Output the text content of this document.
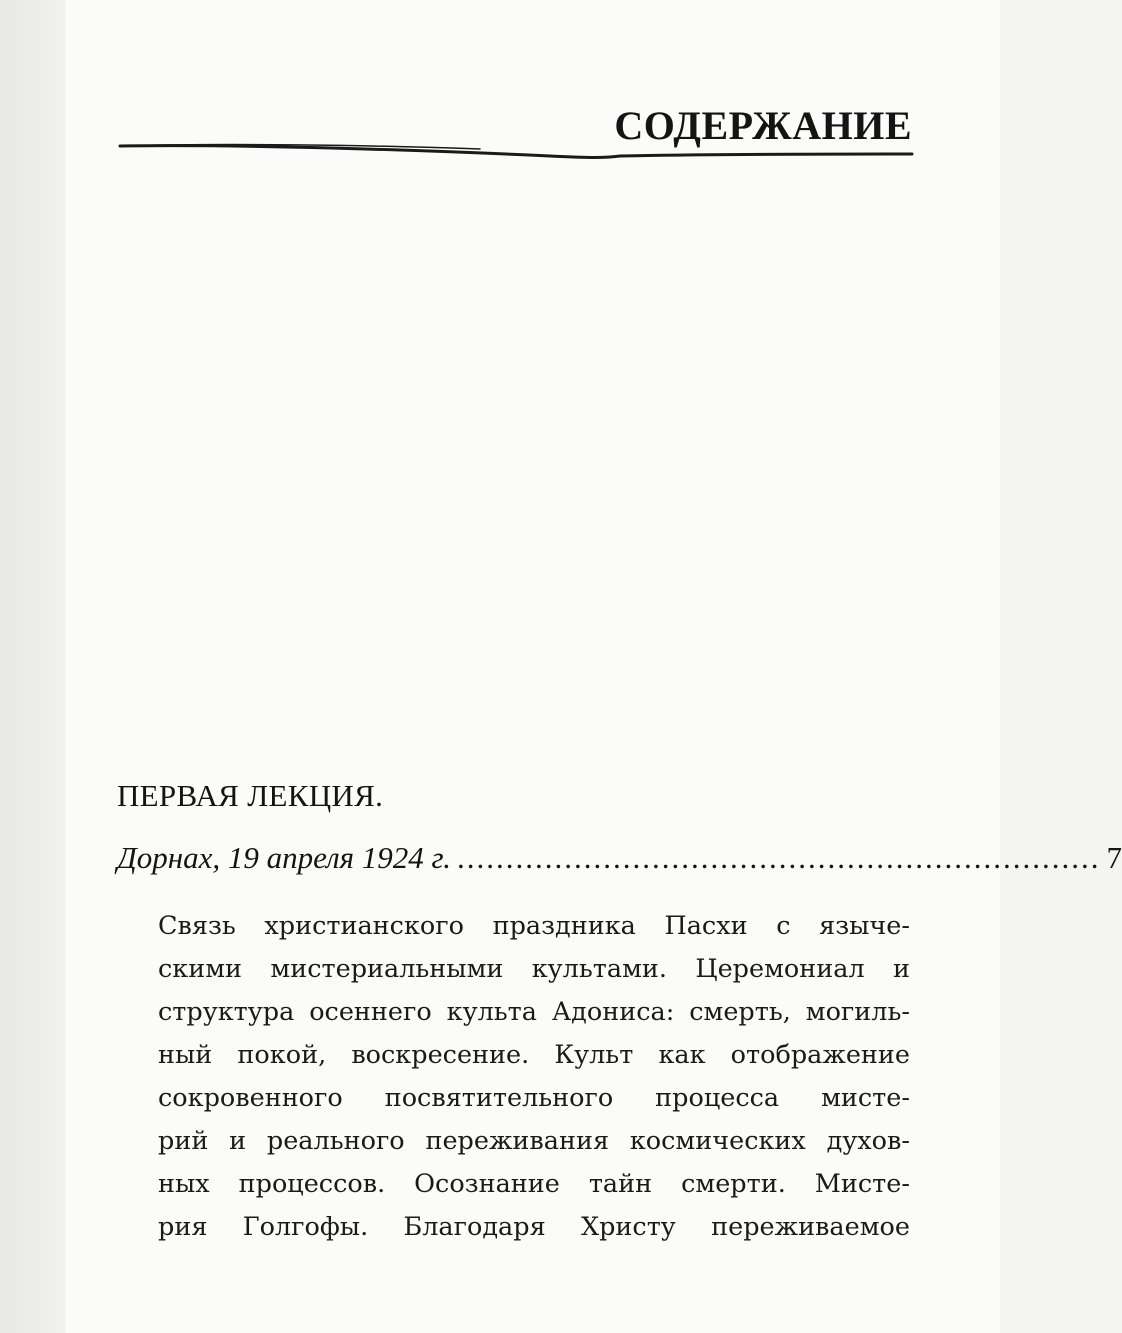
СОДЕРЖАНИЕ
ПЕРВАЯ ЛЕКЦИЯ.
Дорнах, 19 апреля 1924 г. .................................................................. 7
Связь христианского праздника Пасхи с языче-
скими мистериальными культами. Церемониал и
структура осеннего культа Адониса: смерть, могиль-
ный покой, воскресение. Культ как отображение
сокровенного посвятительного процесса мисте-
рий и реального переживания космических духов-
ных процессов. Осознание тайн смерти. Мисте-
рия Голгофы. Благодаря Христу переживаемое
